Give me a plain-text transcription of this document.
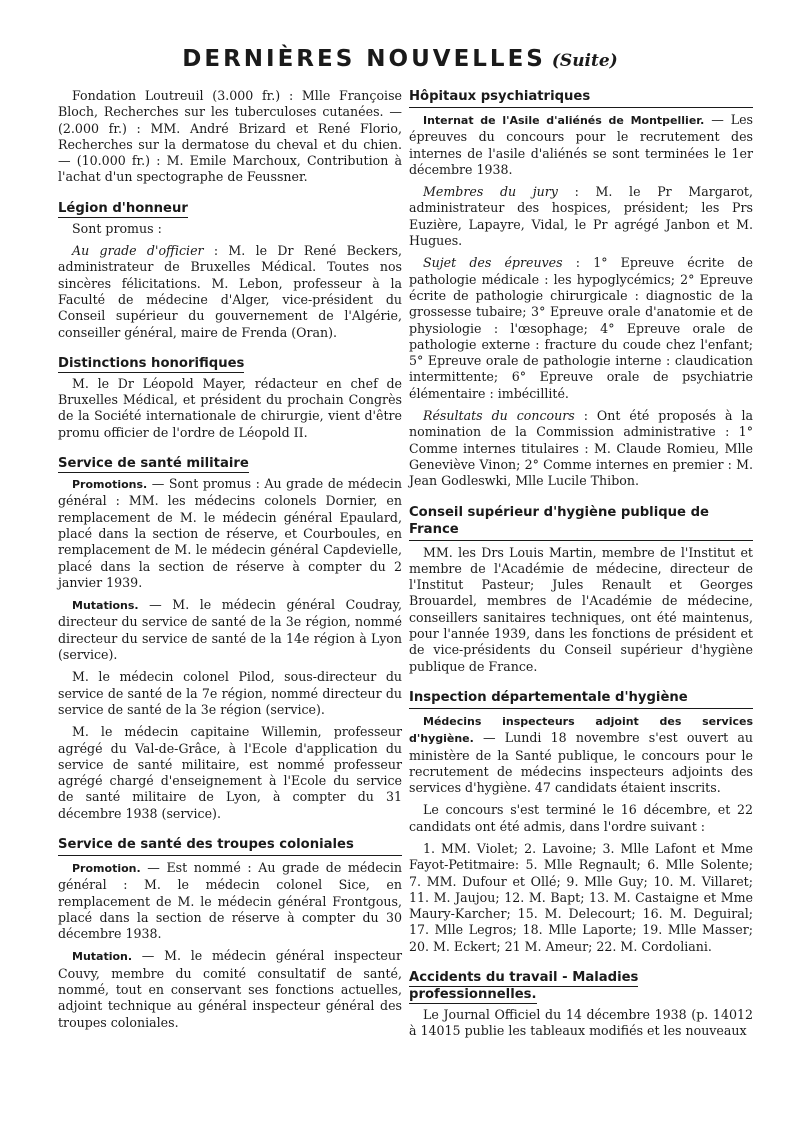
DERNIÈRES NOUVELLES (Suite)

Fondation Loutreuil (3.000 fr.) : Mlle Françoise Bloch, Recherches sur les tuberculoses cutanées. — (2.000 fr.) : MM. André Brizard et René Florio, Recherches sur la dermatose du cheval et du chien. — (10.000 fr.) : M. Emile Marchoux, Contribution à l'achat d'un spectographe de Feussner.

Légion d'honneur

Sont promus :

Au grade d'officier : M. le Dr René Beckers, administrateur de Bruxelles Médical. Toutes nos sincères félicitations. M. Lebon, professeur à la Faculté de médecine d'Alger, vice-président du Conseil supérieur du gouvernement de l'Algérie, conseiller général, maire de Frenda (Oran).

Distinctions honorifiques

M. le Dr Léopold Mayer, rédacteur en chef de Bruxelles Médical, et président du prochain Congrès de la Société internationale de chirurgie, vient d'être promu officier de l'ordre de Léopold II.

Service de santé militaire

Promotions. — Sont promus : Au grade de médecin général : MM. les médecins colonels Dornier, en remplacement de M. le médecin général Epaulard, placé dans la section de réserve, et Courboules, en remplacement de M. le médecin général Capdevielle, placé dans la section de réserve à compter du 2 janvier 1939.

Mutations. — M. le médecin général Coudray, directeur du service de santé de la 3e région, nommé directeur du service de santé de la 14e région à Lyon (service).

M. le médecin colonel Pilod, sous-directeur du service de santé de la 7e région, nommé directeur du service de santé de la 3e région (service).

M. le médecin capitaine Willemin, professeur agrégé du Val-de-Grâce, à l'Ecole d'application du service de santé militaire, est nommé professeur agrégé chargé d'enseignement à l'Ecole du service de santé militaire de Lyon, à compter du 31 décembre 1938 (service).

Service de santé des troupes coloniales

Promotion. — Est nommé : Au grade de médecin général : M. le médecin colonel Sice, en remplacement de M. le médecin général Frontgous, placé dans la section de réserve à compter du 30 décembre 1938.

Mutation. — M. le médecin général inspecteur Couvy, membre du comité consultatif de santé, nommé, tout en conservant ses fonctions actuelles, adjoint technique au général inspecteur général des troupes coloniales.

Hôpitaux psychiatriques

Internat de l'Asile d'aliénés de Montpellier. — Les épreuves du concours pour le recrutement des internes de l'asile d'aliénés se sont terminées le 1er décembre 1938.

Membres du jury : M. le Pr Margarot, administrateur des hospices, président; les Prs Euzière, Lapayre, Vidal, le Pr agrégé Janbon et M. Hugues.

Sujet des épreuves : 1° Epreuve écrite de pathologie médicale : les hypoglycémics; 2° Epreuve écrite de pathologie chirurgicale : diagnostic de la grossesse tubaire; 3° Epreuve orale d'anatomie et de physiologie : l'œsophage; 4° Epreuve orale de pathologie externe : fracture du coude chez l'enfant; 5° Epreuve orale de pathologie interne : claudication intermittente; 6° Epreuve orale de psychiatrie élémentaire : imbécillité.

Résultats du concours : Ont été proposés à la nomination de la Commission administrative : 1° Comme internes titulaires : M. Claude Romieu, Mlle Geneviève Vinon; 2° Comme internes en premier : M. Jean Godleswki, Mlle Lucile Thibon.

Conseil supérieur d'hygiène publique de France

MM. les Drs Louis Martin, membre de l'Institut et membre de l'Académie de médecine, directeur de l'Institut Pasteur; Jules Renault et Georges Brouardel, membres de l'Académie de médecine, conseillers sanitaires techniques, ont été maintenus, pour l'année 1939, dans les fonctions de président et de vice-présidents du Conseil supérieur d'hygiène publique de France.

Inspection départementale d'hygiène

Médecins inspecteurs adjoint des services d'hygiène. — Lundi 18 novembre s'est ouvert au ministère de la Santé publique, le concours pour le recrutement de médecins inspecteurs adjoints des services d'hygiène. 47 candidats étaient inscrits.

Le concours s'est terminé le 16 décembre, et 22 candidats ont été admis, dans l'ordre suivant :

1. MM. Violet; 2. Lavoine; 3. Mlle Lafont et Mme Fayot-Petitmaire: 5. Mlle Regnault; 6. Mlle Solente; 7. MM. Dufour et Ollé; 9. Mlle Guy; 10. M. Villaret; 11. M. Jaujou; 12. M. Bapt; 13. M. Castaigne et Mme Maury-Karcher; 15. M. Delecourt; 16. M. Deguiral; 17. Mlle Legros; 18. Mlle Laporte; 19. Mlle Masser; 20. M. Eckert; 21 M. Ameur; 22. M. Cordoliani.

Accidents du travail - Maladies professionnelles.

Le Journal Officiel du 14 décembre 1938 (p. 14012 à 14015 publie les tableaux modifiés et les nouveaux
